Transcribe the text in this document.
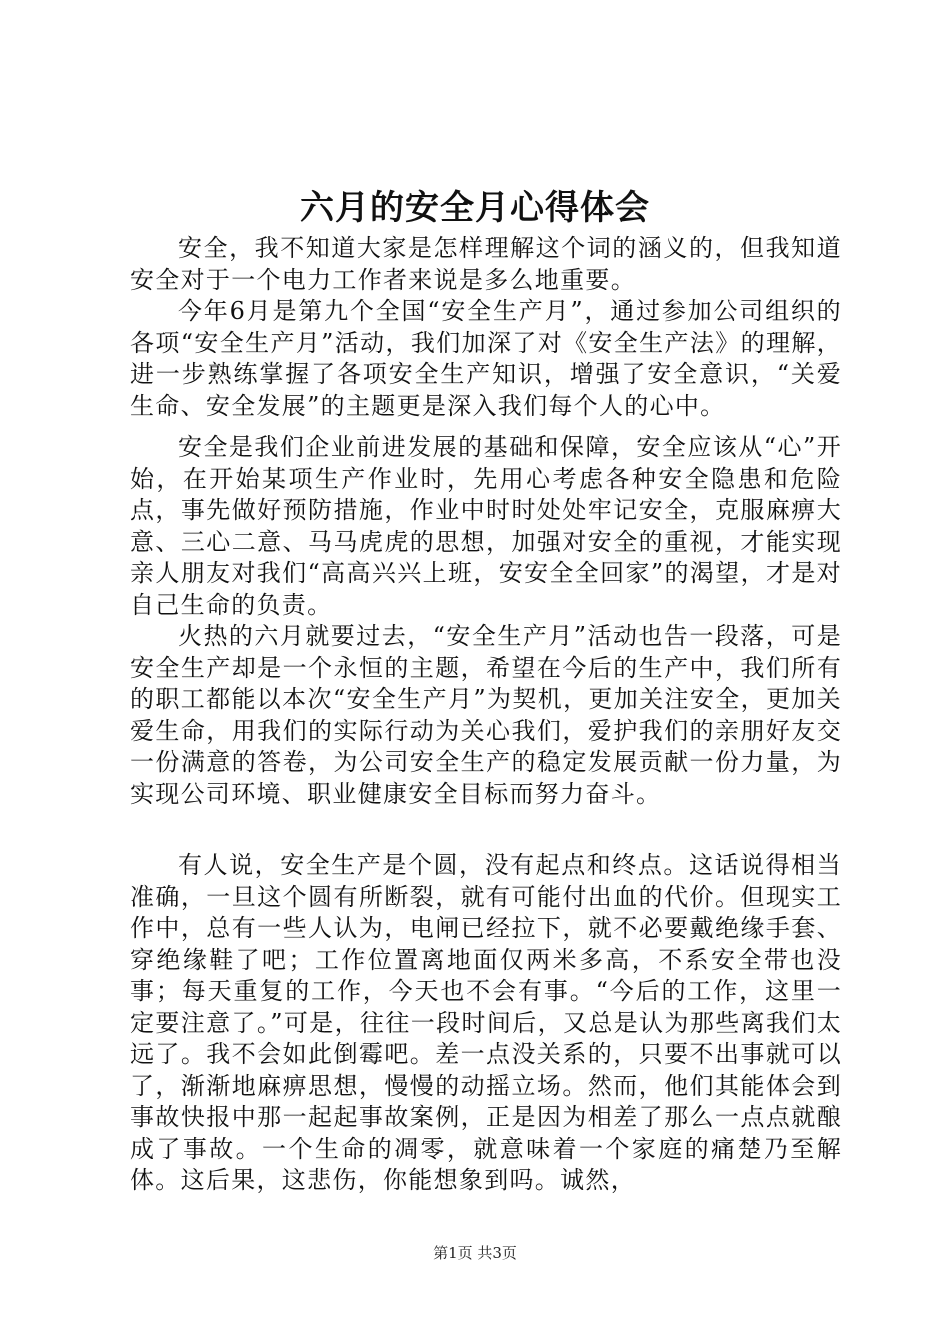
六月的安全月心得体会

安全，我不知道大家是怎样理解这个词的涵义的，但我知道安全对于一个电力工作者来说是多么地重要。

今年6月是第九个全国“安全生产月”，通过参加公司组织的各项“安全生产月”活动，我们加深了对《安全生产法》的理解，进一步熟练掌握了各项安全生产知识，增强了安全意识，“关爱生命、安全发展”的主题更是深入我们每个人的心中。

安全是我们企业前进发展的基础和保障，安全应该从“心”开始，在开始某项生产作业时，先用心考虑各种安全隐患和危险点，事先做好预防措施，作业中时时处处牢记安全，克服麻痹大意、三心二意、马马虎虎的思想，加强对安全的重视，才能实现亲人朋友对我们“高高兴兴上班，安安全全回家”的渴望，才是对自己生命的负责。

火热的六月就要过去，“安全生产月”活动也告一段落，可是安全生产却是一个永恒的主题，希望在今后的生产中，我们所有的职工都能以本次“安全生产月”为契机，更加关注安全，更加关爱生命，用我们的实际行动为关心我们，爱护我们的亲朋好友交一份满意的答卷，为公司安全生产的稳定发展贡献一份力量，为实现公司环境、职业健康安全目标而努力奋斗。

有人说，安全生产是个圆，没有起点和终点。这话说得相当准确，一旦这个圆有所断裂，就有可能付出血的代价。但现实工作中，总有一些人认为，电闸已经拉下，就不必要戴绝缘手套、穿绝缘鞋了吧；工作位置离地面仅两米多高，不系安全带也没事；每天重复的工作，今天也不会有事。“今后的工作，这里一定要注意了。”可是，往往一段时间后，又总是认为那些离我们太远了。我不会如此倒霉吧。差一点没关系的，只要不出事就可以了，渐渐地麻痹思想，慢慢的动摇立场。然而，他们其能体会到事故快报中那一起起事故案例，正是因为相差了那么一点点就酿成了事故。一个生命的凋零，就意味着一个家庭的痛楚乃至解体。这后果，这悲伤，你能想象到吗。诚然，

第1页 共3页
